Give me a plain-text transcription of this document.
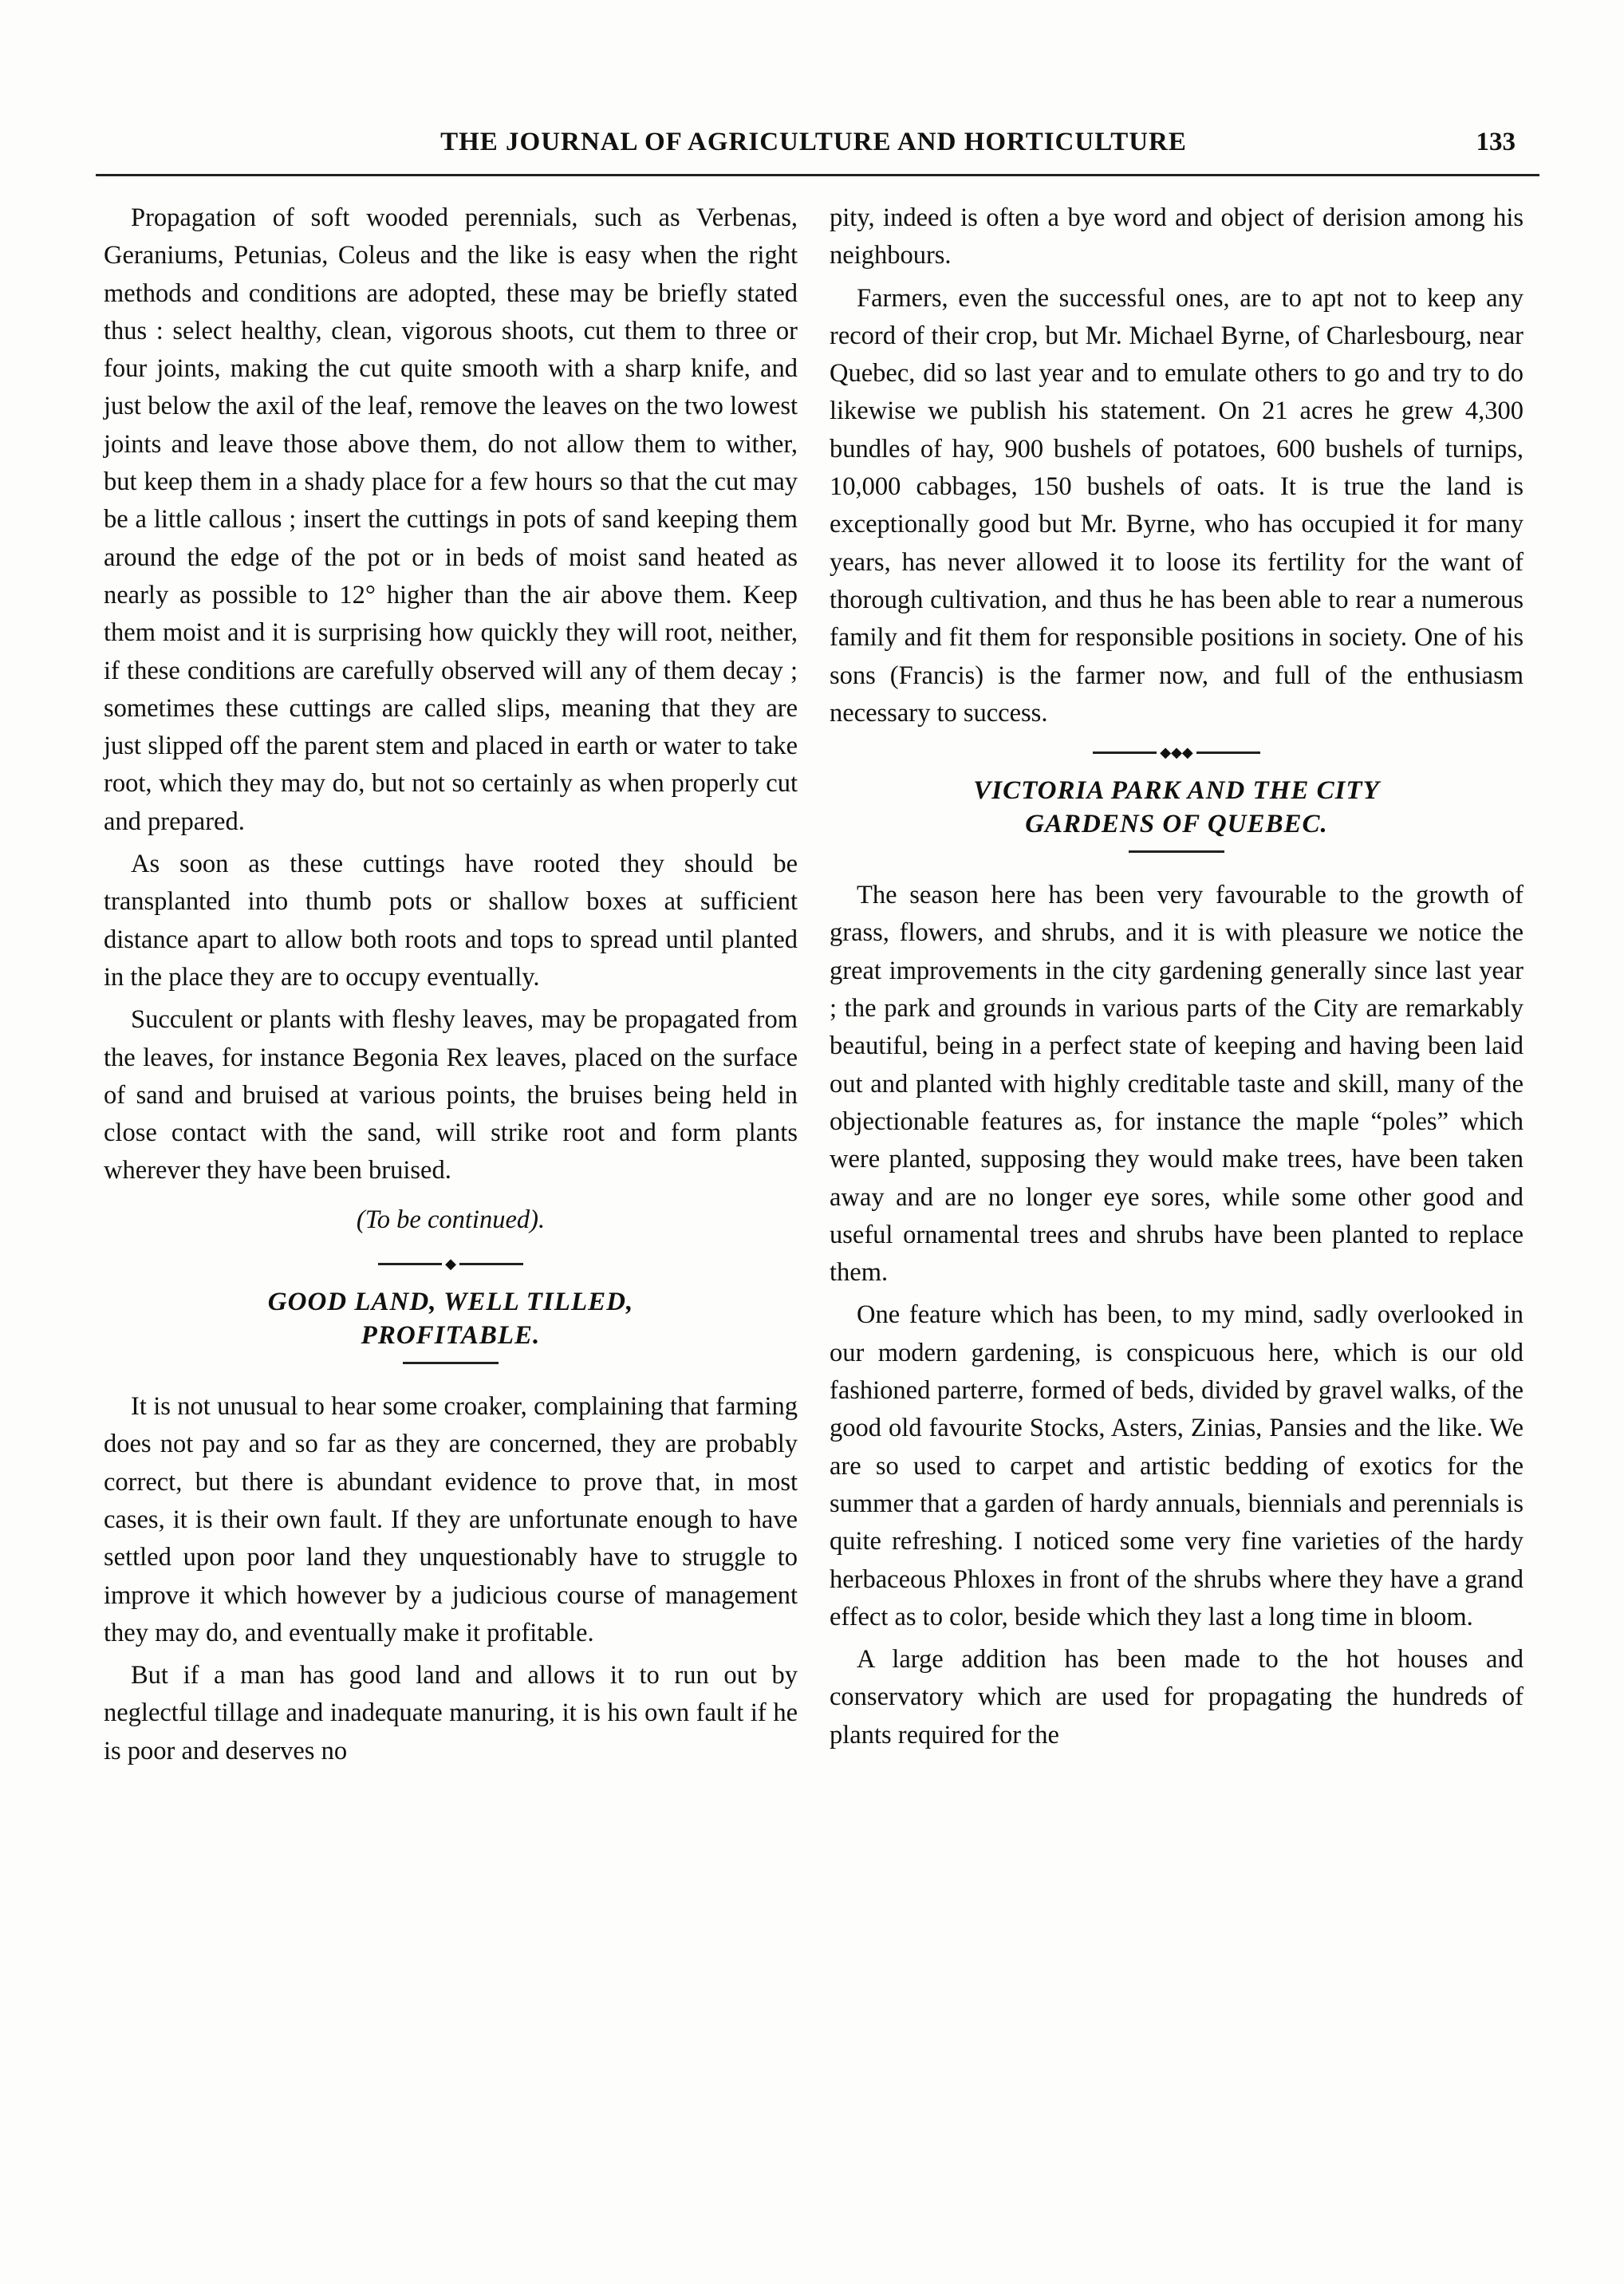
THE JOURNAL OF AGRICULTURE AND HORTICULTURE	133

Propagation of soft wooded perennials, such as Verbenas, Geraniums, Petunias, Coleus and the like is easy when the right methods and conditions are adopted, these may be briefly stated thus : select healthy, clean, vigorous shoots, cut them to three or four joints, making the cut quite smooth with a sharp knife, and just below the axil of the leaf, remove the leaves on the two lowest joints and leave those above them, do not allow them to wither, but keep them in a shady place for a few hours so that the cut may be a little callous ; insert the cuttings in pots of sand keeping them around the edge of the pot or in beds of moist sand heated as nearly as possible to 12° higher than the air above them. Keep them moist and it is surprising how quickly they will root, neither, if these conditions are carefully observed will any of them decay ; sometimes these cuttings are called slips, meaning that they are just slipped off the parent stem and placed in earth or water to take root, which they may do, but not so certainly as when properly cut and prepared.

As soon as these cuttings have rooted they should be transplanted into thumb pots or shallow boxes at sufficient distance apart to allow both roots and tops to spread until planted in the place they are to occupy eventually.

Succulent or plants with fleshy leaves, may be propagated from the leaves, for instance Begonia Rex leaves, placed on the surface of sand and bruised at various points, the bruises being held in close contact with the sand, will strike root and form plants wherever they have been bruised.

(To be continued).
◆
GOOD LAND, WELL TILLED,
PROFITABLE.

It is not unusual to hear some croaker, complaining that farming does not pay and so far as they are concerned, they are probably correct, but there is abundant evidence to prove that, in most cases, it is their own fault. If they are unfortunate enough to have settled upon poor land they unquestionably have to struggle to improve it which however by a judicious course of management they may do, and eventually make it profitable.

But if a man has good land and allows it to run out by neglectful tillage and inadequate manuring, it is his own fault if he is poor and deserves no

pity, indeed is often a bye word and object of derision among his neighbours.

Farmers, even the successful ones, are to apt not to keep any record of their crop, but Mr. Michael Byrne, of Charlesbourg, near Quebec, did so last year and to emulate others to go and try to do likewise we publish his statement. On 21 acres he grew 4,300 bundles of hay, 900 bushels of potatoes, 600 bushels of turnips, 10,000 cabbages, 150 bushels of oats. It is true the land is exceptionally good but Mr. Byrne, who has occupied it for many years, has never allowed it to loose its fertility for the want of thorough cultivation, and thus he has been able to rear a numerous family and fit them for responsible positions in society. One of his sons (Francis) is the farmer now, and full of the enthusiasm necessary to success.

◆◆◆
VICTORIA PARK AND THE CITY
GARDENS OF QUEBEC.

The season here has been very favourable to the growth of grass, flowers, and shrubs, and it is with pleasure we notice the great improvements in the city gardening generally since last year ; the park and grounds in various parts of the City are remarkably beautiful, being in a perfect state of keeping and having been laid out and planted with highly creditable taste and skill, many of the objectionable features as, for instance the maple “poles” which were planted, supposing they would make trees, have been taken away and are no longer eye sores, while some other good and useful ornamental trees and shrubs have been planted to replace them.

One feature which has been, to my mind, sadly overlooked in our modern gardening, is conspicuous here, which is our old fashioned parterre, formed of beds, divided by gravel walks, of the good old favourite Stocks, Asters, Zinias, Pansies and the like. We are so used to carpet and artistic bedding of exotics for the summer that a garden of hardy annuals, biennials and perennials is quite refreshing. I noticed some very fine varieties of the hardy herbaceous Phloxes in front of the shrubs where they have a grand effect as to color, beside which they last a long time in bloom.

A large addition has been made to the hot houses and conservatory which are used for propagating the hundreds of plants required for the
